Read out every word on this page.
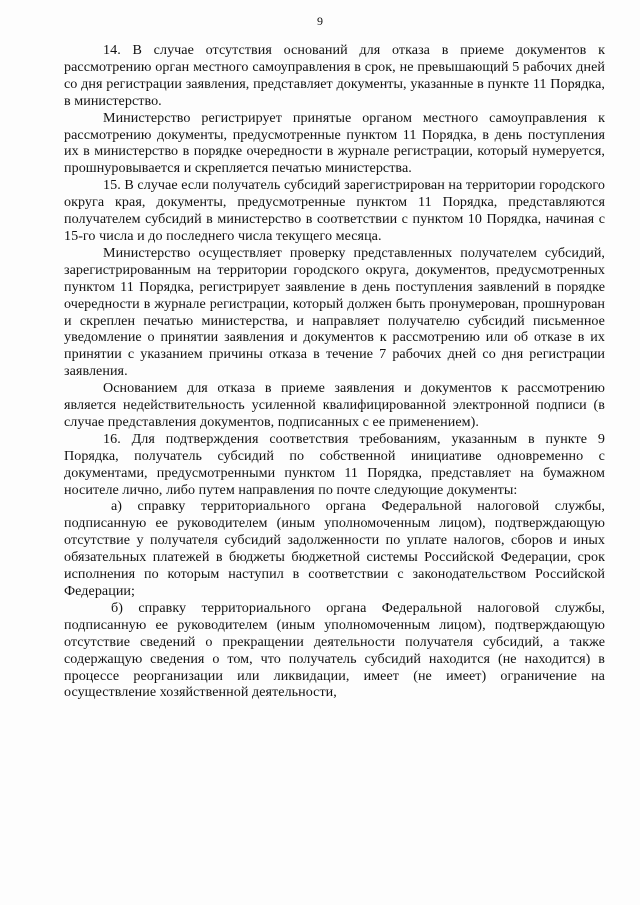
9

14. В случае отсутствия оснований для отказа в приеме документов к рассмотрению орган местного самоуправления в срок, не превышающий 5 рабочих дней со дня регистрации заявления, представляет документы, указанные в пункте 11 Порядка, в министерство.

Министерство регистрирует принятые органом местного самоуправления к рассмотрению документы, предусмотренные пунктом 11 Порядка, в день поступления их в министерство в порядке очередности в журнале регистрации, который нумеруется, прошнуровывается и скрепляется печатью министерства.

15. В случае если получатель субсидий зарегистрирован на территории городского округа края, документы, предусмотренные пунктом 11 Порядка, представляются получателем субсидий в министерство в соответствии с пунктом 10 Порядка, начиная с 15-го числа и до последнего числа текущего месяца.

Министерство осуществляет проверку представленных получателем субсидий, зарегистрированным на территории городского округа, документов, предусмотренных пунктом 11 Порядка, регистрирует заявление в день поступления заявлений в порядке очередности в журнале регистрации, который должен быть пронумерован, прошнурован и скреплен печатью министерства, и направляет получателю субсидий письменное уведомление о принятии заявления и документов к рассмотрению или об отказе в их принятии с указанием причины отказа в течение 7 рабочих дней со дня регистрации заявления.

Основанием для отказа в приеме заявления и документов к рассмотрению является недействительность усиленной квалифицированной электронной подписи (в случае представления документов, подписанных с ее применением).

16. Для подтверждения соответствия требованиям, указанным в пункте 9 Порядка, получатель субсидий по собственной инициативе одновременно с документами, предусмотренными пунктом 11 Порядка, представляет на бумажном носителе лично, либо путем направления по почте следующие документы:

а) справку территориального органа Федеральной налоговой службы, подписанную ее руководителем (иным уполномоченным лицом), подтверждающую отсутствие у получателя субсидий задолженности по уплате налогов, сборов и иных обязательных платежей в бюджеты бюджетной системы Российской Федерации, срок исполнения по которым наступил в соответствии с законодательством Российской Федерации;

б) справку территориального органа Федеральной налоговой службы, подписанную ее руководителем (иным уполномоченным лицом), подтверждающую отсутствие сведений о прекращении деятельности получателя субсидий, а также содержащую сведения о том, что получатель субсидий находится (не находится) в процессе реорганизации или ликвидации, имеет (не имеет) ограничение на осуществление хозяйственной деятельности,
